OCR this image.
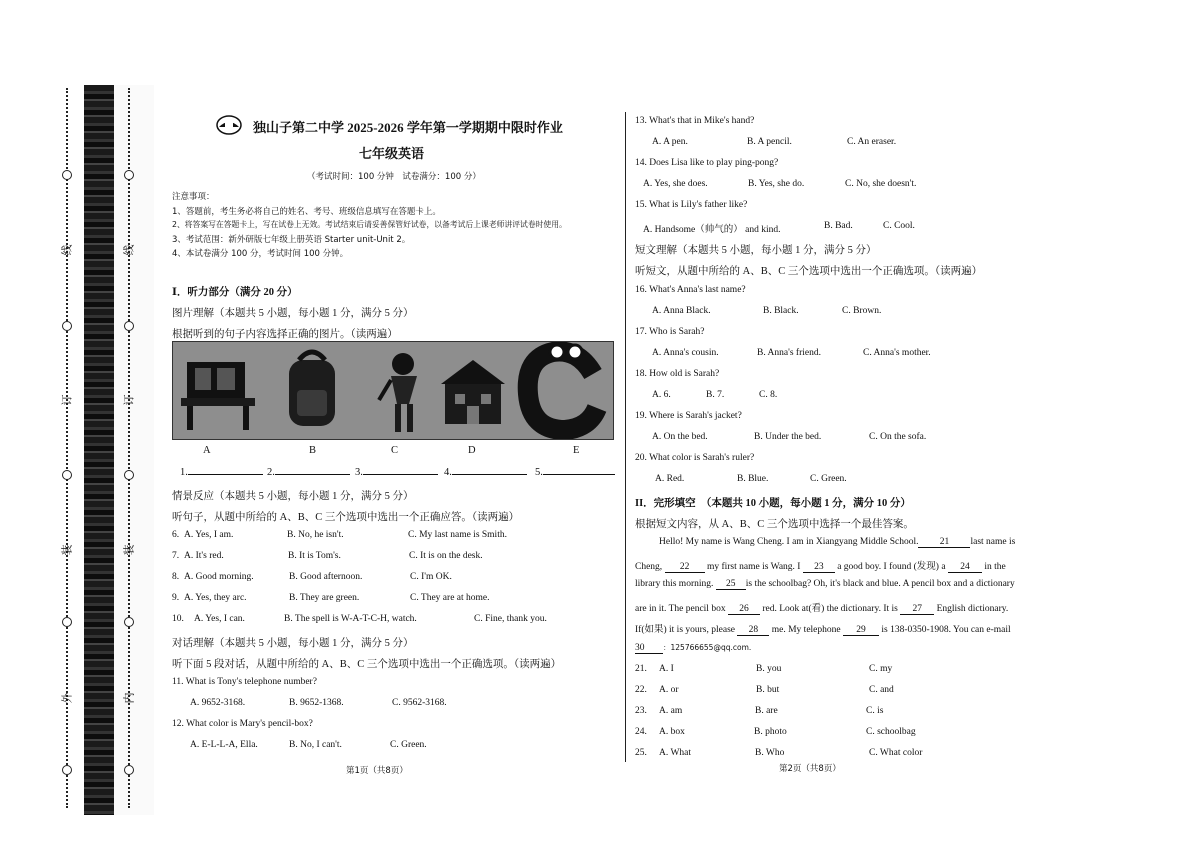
线	线
订	订
装	装
外	内
独山子第二中学 2025-2026 学年第一学期期中限时作业
七年级英语
（考试时间：100 分钟　试卷满分：100 分）
注意事项：
1、答题前，考生务必将自己的姓名、考号、班级信息填写在答题卡上。
2、将答案写在答题卡上，写在试卷上无效。考试结束后请妥善保管好试卷，以备考试后上课老师讲评试卷时使用。
3、考试范围：新外研版七年级上册英语 Starter unit-Unit 2。
4、本试卷满分 100 分，考试时间 100 分钟。
Ⅰ．听力部分（满分 20 分）
图片理解（本题共 5 小题，每小题 1 分，满分 5 分）
根据听到的句子内容选择正确的图片。（读两遍）
A	B	C	D	E
1.	2.	3.	4.	5.
情景反应（本题共 5 小题，每小题 1 分，满分 5 分）
听句子，从题中所给的 A、B、C 三个选项中选出一个正确应答。（读两遍）
6. A. Yes, I am.	B. No, he isn't.	C. My last name is Smith.
7. A. It's red.	B. It is Tom's.	C. It is on the desk.
8. A. Good morning.	B. Good afternoon.	C. I'm OK.
9. A. Yes, they arc.	B. They are green.	C. They are at home.
10. A. Yes, I can.	B. The spell is W-A-T-C-H, watch.	C. Fine, thank you.
对话理解（本题共 5 小题，每小题 1 分，满分 5 分）
听下面 5 段对话，从题中所给的 A、B、C 三个选项中选出一个正确选项。（读两遍）
11. What is Tony's telephone number?
A. 9652-3168.	B. 9652-1368.	C. 9562-3168.
12. What color is Mary's pencil-box?
A. E-L-L-A, Ella.	B. No, I can't.	C. Green.
第1页（共8页）
13. What's that in Mike's hand?
A. A pen.	B. A pencil.	C. An eraser.
14. Does Lisa like to play ping-pong?
A. Yes, she does.	B. Yes, she do.	C. No, she doesn't.
15. What is Lily's father like?
A. Handsome（帅气的） and kind.	B. Bad.	C. Cool.
短文理解（本题共 5 小题，每小题 1 分，满分 5 分）
听短文，从题中所给的 A、B、C 三个选项中选出一个正确选项。（读两遍）
16. What's Anna's last name?
A. Anna Black.	B. Black.	C. Brown.
17. Who is Sarah?
A. Anna's cousin.	B. Anna's friend.	C. Anna's mother.
18. How old is Sarah?
A. 6.	B. 7.	C. 8.
19. Where is Sarah's jacket?
A. On the bed.	B. Under the bed.	C. On the sofa.
20. What color is Sarah's ruler?
A. Red.	B. Blue.	C. Green.
II．完形填空　（本题共 10 小题，每小题 1 分，满分 10 分）
根据短文内容，从 A、B、C 三个选项中选择一个最佳答案。
Hello! My name is Wang Cheng. I am in Xiangyang Middle School. 21 last name is
Cheng, 22 my first name is Wang. I 23 a good boy. I found (发现) a 24 in the
library this morning. 25 is the schoolbag? Oh, it's black and blue. A pencil box and a dictionary
are in it. The pencil box 26 red. Look at(看) the dictionary. It is 27 English dictionary.
If(如果) it is yours, please 28 me. My telephone 29 is 138-0350-1908. You can e-mail
30 ：125766655@qq.com.
21. A. I	B. you	C. my
22. A. or	B. but	C. and
23. A. am	B. are	C. is
24. A. box	B. photo	C. schoolbag
25. A. What	B. Who	C. What color
第2页（共8页）
